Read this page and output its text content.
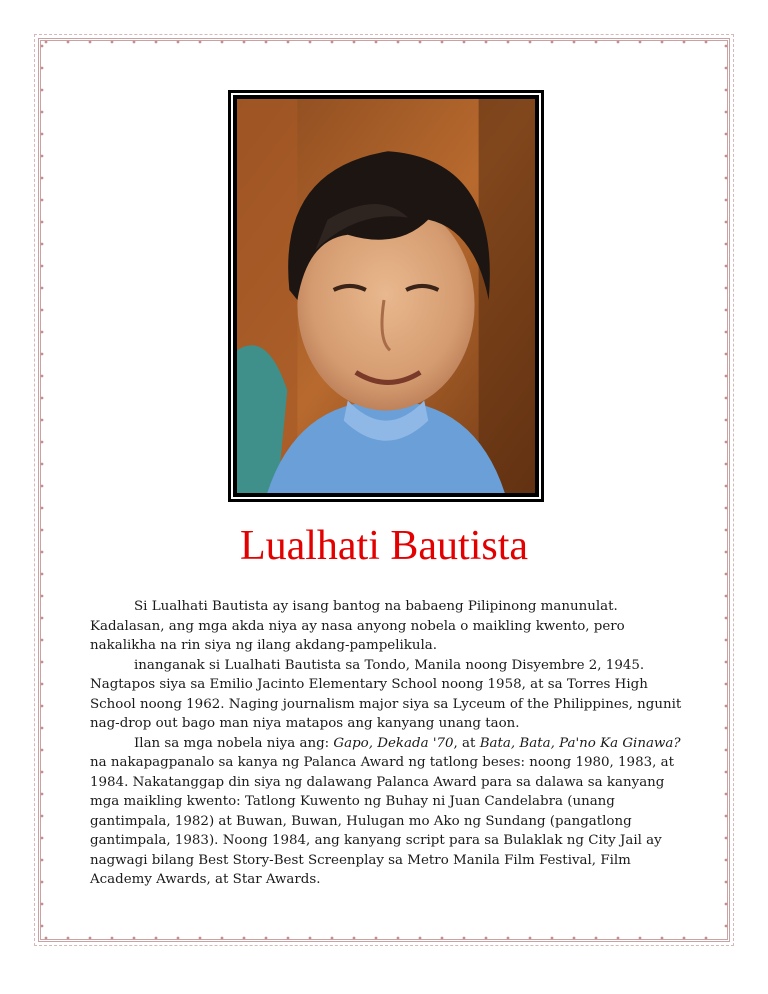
Lualhati Bautista

Si Lualhati Bautista ay isang bantog na babaeng Pilipinong manunulat. Kadalasan, ang mga akda niya ay nasa anyong nobela o maikling kwento, pero nakalikha na rin siya ng ilang akdang-pampelikula.

inanganak si Lualhati Bautista sa Tondo, Manila noong Disyembre 2, 1945. Nagtapos siya sa Emilio Jacinto Elementary School noong 1958, at sa Torres High School noong 1962. Naging journalism major siya sa Lyceum of the Philippines, ngunit nag-drop out bago man niya matapos ang kanyang unang taon.

Ilan sa mga nobela niya ang: Gapo, Dekada '70, at Bata, Bata, Pa'no Ka Ginawa? na nakapagpanalo sa kanya ng Palanca Award ng tatlong beses: noong 1980, 1983, at 1984. Nakatanggap din siya ng dalawang Palanca Award para sa dalawa sa kanyang mga maikling kwento: Tatlong Kuwento ng Buhay ni Juan Candelabra (unang gantimpala, 1982) at Buwan, Buwan, Hulugan mo Ako ng Sundang (pangatlong gantimpala, 1983). Noong 1984, ang kanyang script para sa Bulaklak ng City Jail ay nagwagi bilang Best Story-Best Screenplay sa Metro Manila Film Festival, Film Academy Awards, at Star Awards.
